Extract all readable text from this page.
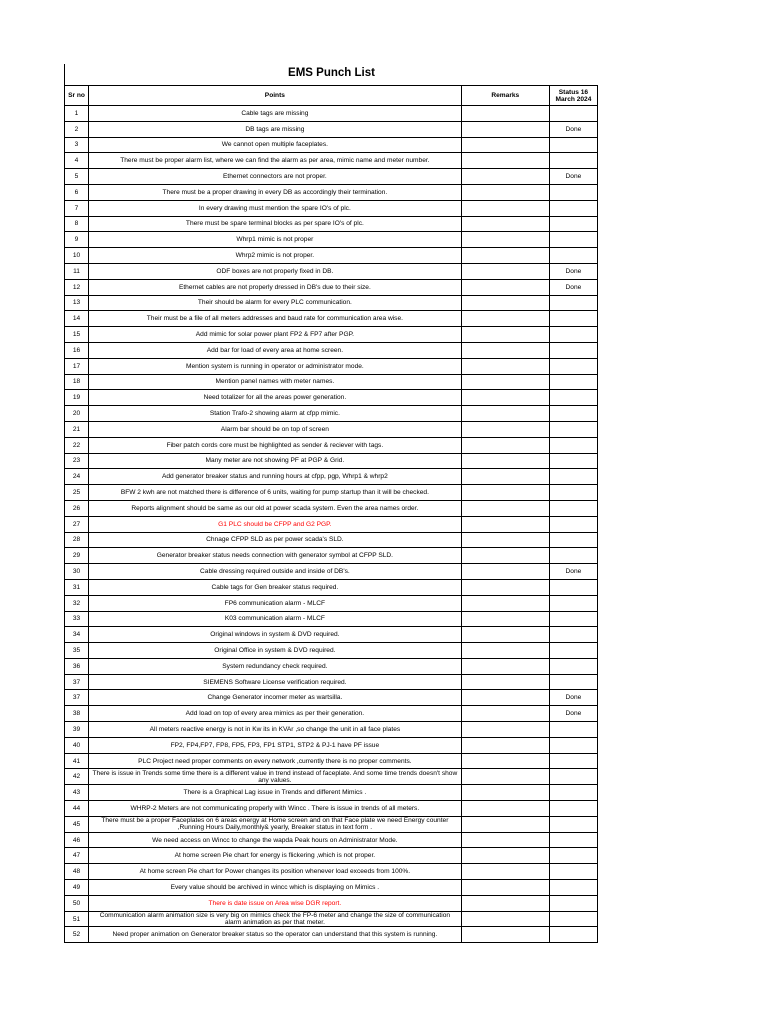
EMS Punch List
Sr no	Points	Remarks	Status 16 March 2024
1	Cable tags are missing		
2	DB tags are missing		Done
3	We cannot open multiple faceplates.		
4	There must be proper alarm list, where we can find the alarm as per area, mimic name and meter number.		
5	Ethernet connectors are not proper.		Done
6	There must be a proper drawing in every DB as accordingly their termination.		
7	In every drawing must mention the spare IO's of plc.		
8	There must be spare terminal blocks as per spare IO's of plc.		
9	Whrp1 mimic is not proper		
10	Whrp2 mimic is not proper.		
11	ODF boxes are not properly fixed in DB.		Done
12	Ethernet cables are not properly dressed in DB's due to their size.		Done
13	Their should be alarm for every PLC communication.		
14	Their must be a file of all meters addresses and baud rate for communication area wise.		
15	Add mimic for solar power plant FP2 & FP7 after PGP.		
16	Add bar for load of every area at home screen.		
17	Mention system is running in operator or administrator mode.		
18	Mention panel names with meter names.		
19	Need totalizer for all the areas power generation.		
20	Station Trafo-2 showing alarm at cfpp mimic.		
21	Alarm bar should be on top of screen		
22	Fiber patch cords core must be highlighted as sender & reciever with tags.		
23	Many meter are not showing PF at PGP & Grid.		
24	Add generator breaker status and running hours at cfpp, pgp, Whrp1 & whrp2		
25	BFW 2 kwh are not matched there is difference of 6 units, waiting for pump startup than it will be checked.		
26	Reports alignment should be same as our old at power scada system. Even the area names order.		
27	G1 PLC should be CFPP and G2 PGP.		
28	Chnage CFPP SLD as per power scada's SLD.		
29	Generator breaker status needs connection with generator symbol at CFPP SLD.		
30	Cable dressing required outside and inside of DB's.		Done
31	Cable tags for Gen breaker status required.		
32	FP6 communication alarm - MLCF		
33	K03 communication alarm - MLCF		
34	Original windows in system & DVD required.		
35	Original Office in system & DVD required.		
36	System redundancy check required.		
37	SIEMENS Software License verification required.		
37	Change Generator incomer meter as wartsilla.		Done
38	Add load on top of every area mimics as per their generation.		Done
39	All meters reactive energy is not in Kw its in KVAr ,so change the unit in all face plates		
40	FP2, FP4,FP7, FP8, FP5, FP3, FP1 STP1, STP2 & PJ-1 have PF issue		
41	PLC Project need proper comments on every network ,currently there is no proper comments.		
42	There is issue in Trends some time there is a different value in trend instead of faceplate. And some time trends doesn't show any values.		
43	There is a Graphical Lag issue in Trends and different Mimics .		
44	WHRP-2 Meters are not communicating properly with Wincc . There is issue in trends of all meters.		
45	There must be a proper Faceplates on 6 areas energy at Home screen and on that Face plate we need Energy counter ,Running Hours Daily,monthly& yearly, Breaker status in text form .		
46	We need access on Wincc to change the wapda Peak hours on Administrator Mode.		
47	At home screen Pie chart for energy is flickering ,which is not proper.		
48	At home screen Pie chart for Power changes its position whenever load exceeds from 100%.		
49	Every value should be archived in wincc which is displaying on Mimics .		
50	There is date issue on Area wise DGR report.		
51	Communication alarm animation size is very big on mimics check the FP-6 meter and change the size of communication alarm animation as per that meter.		
52	Need proper animation on Generator breaker status so the operator can understand that this system is running.		
